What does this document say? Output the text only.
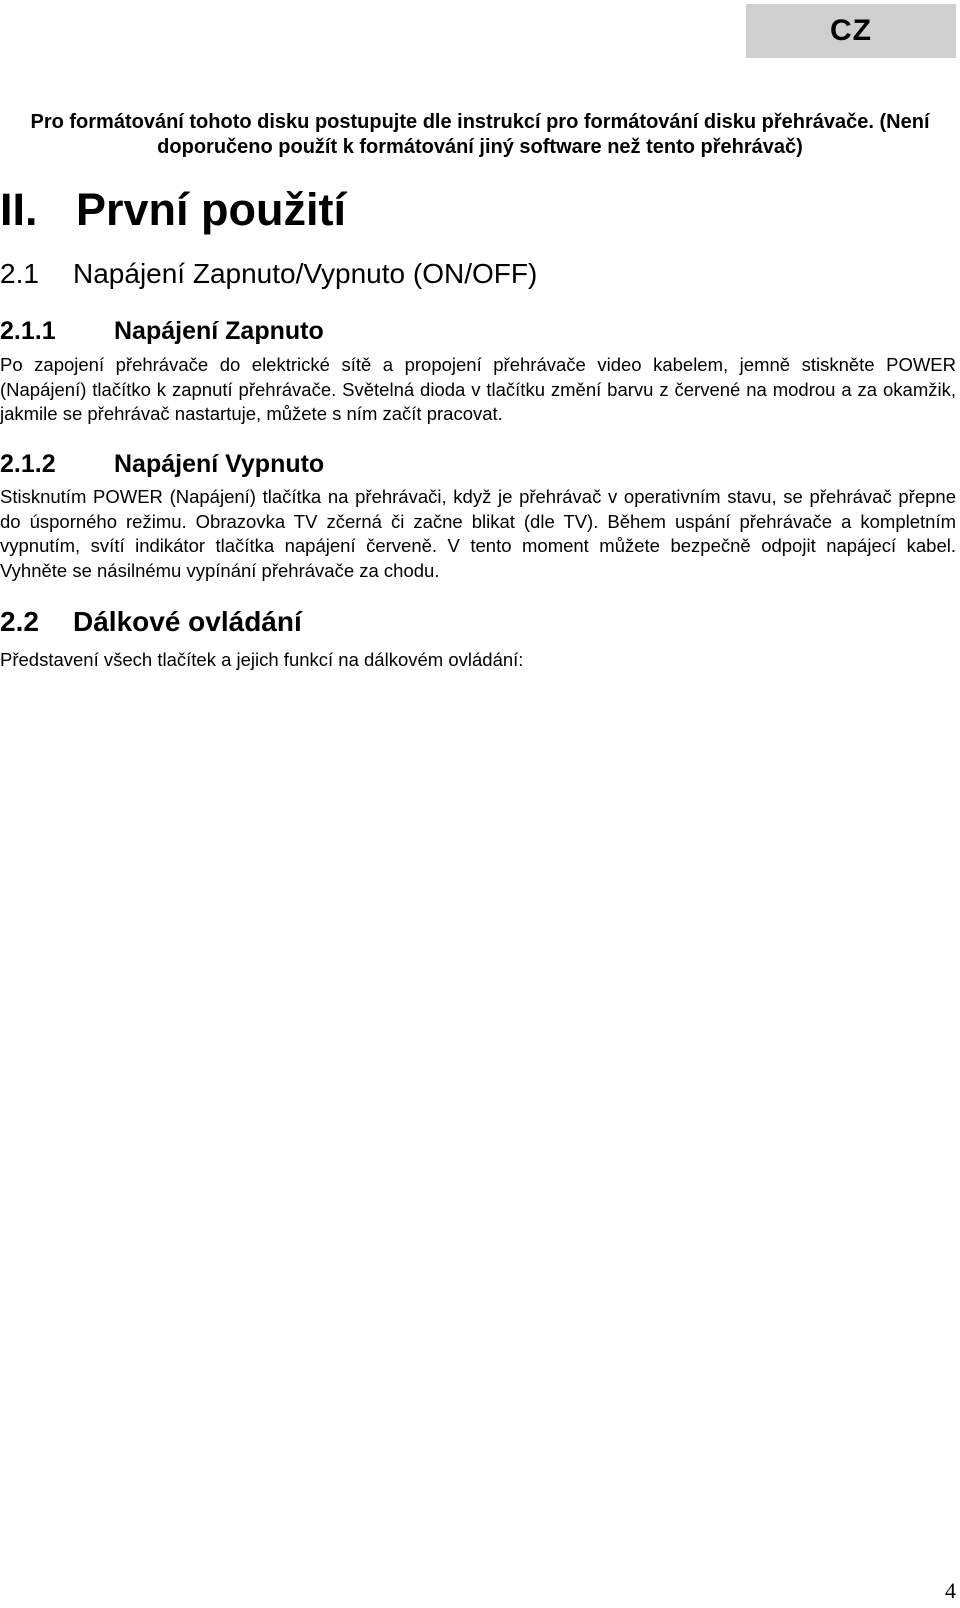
CZ
Pro formátování tohoto disku postupujte dle instrukcí pro formátování disku přehrávače. (Není
doporučeno použít k formátování jiný software než tento přehrávač)
II. První použití
2.1 Napájení Zapnuto/Vypnuto (ON/OFF)
2.1.1 Napájení Zapnuto
Po zapojení přehrávače do elektrické sítě a propojení přehrávače video kabelem, jemně stiskněte POWER (Napájení) tlačítko k zapnutí přehrávače. Světelná dioda v tlačítku změní barvu z červené na modrou a za okamžik, jakmile se přehrávač nastartuje, můžete s ním začít pracovat.
2.1.2 Napájení Vypnuto
Stisknutím POWER (Napájení) tlačítka na přehrávači, když je přehrávač v operativním stavu, se přehrávač přepne do úsporného režimu. Obrazovka TV zčerná či začne blikat (dle TV). Během uspání přehrávače a kompletním vypnutím, svítí indikátor tlačítka napájení červeně. V tento moment můžete bezpečně odpojit napájecí kabel. Vyhněte se násilnému vypínání přehrávače za chodu.
2.2 Dálkové ovládání
Představení všech tlačítek a jejich funkcí na dálkovém ovládání:
4
